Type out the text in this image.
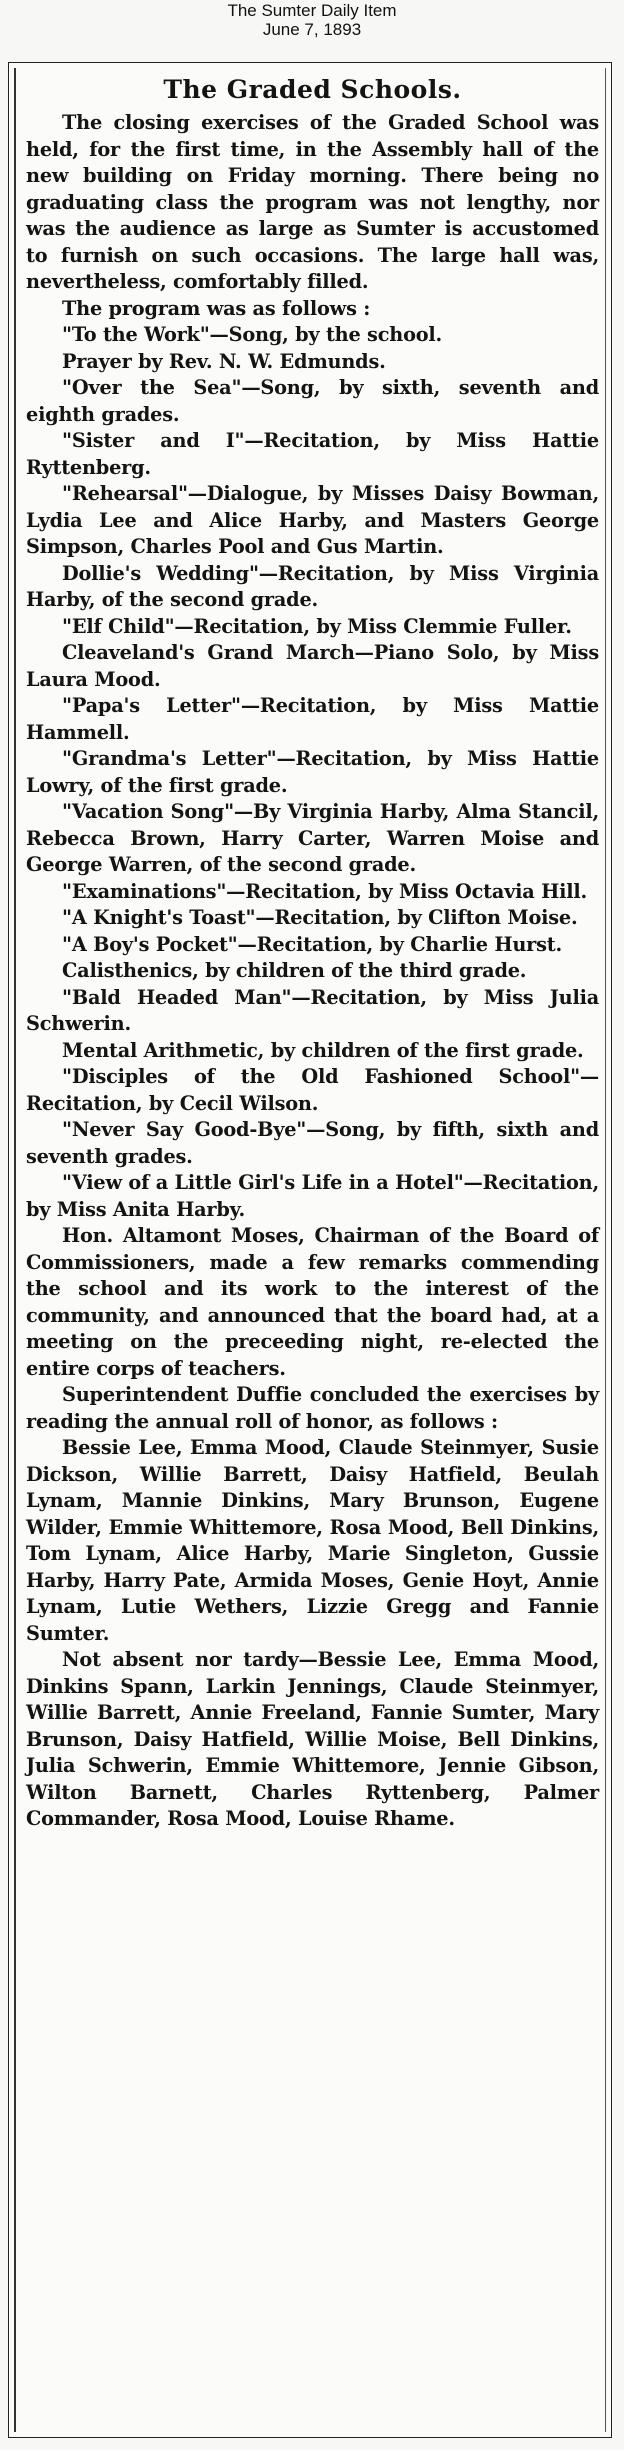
The Sumter Daily Item
June 7, 1893
The Graded Schools.

The closing exercises of the Graded School was held, for the first time, in the Assembly hall of the new building on Friday morning. There being no graduating class the program was not lengthy, nor was the audience as large as Sumter is accustomed to furnish on such occasions. The large hall was, nevertheless, comfortably filled.

The program was as follows :

"To the Work"—Song, by the school.

Prayer by Rev. N. W. Edmunds.

"Over the Sea"—Song, by sixth, seventh and eighth grades.

"Sister and I"—Recitation, by Miss Hattie Ryttenberg.

"Rehearsal"—Dialogue, by Misses Daisy Bowman, Lydia Lee and Alice Harby, and Masters George Simpson, Charles Pool and Gus Martin.

Dollie's Wedding"—Recitation, by Miss Virginia Harby, of the second grade.

"Elf Child"—Recitation, by Miss Clemmie Fuller.

Cleaveland's Grand March—Piano Solo, by Miss Laura Mood.

"Papa's Letter"—Recitation, by Miss Mattie Hammell.

"Grandma's Letter"—Recitation, by Miss Hattie Lowry, of the first grade.

"Vacation Song"—By Virginia Harby, Alma Stancil, Rebecca Brown, Harry Carter, Warren Moise and George Warren, of the second grade.

"Examinations"—Recitation, by Miss Octavia Hill.

"A Knight's Toast"—Recitation, by Clifton Moise.

"A Boy's Pocket"—Recitation, by Charlie Hurst.

Calisthenics, by children of the third grade.

"Bald Headed Man"—Recitation, by Miss Julia Schwerin.

Mental Arithmetic, by children of the first grade.

"Disciples of the Old Fashioned School"—Recitation, by Cecil Wilson.

"Never Say Good-Bye"—Song, by fifth, sixth and seventh grades.

"View of a Little Girl's Life in a Hotel"—Recitation, by Miss Anita Harby.

Hon. Altamont Moses, Chairman of the Board of Commissioners, made a few remarks commending the school and its work to the interest of the community, and announced that the board had, at a meeting on the preceeding night, re-elected the entire corps of teachers.

Superintendent Duffie concluded the exercises by reading the annual roll of honor, as follows :

Bessie Lee, Emma Mood, Claude Steinmyer, Susie Dickson, Willie Barrett, Daisy Hatfield, Beulah Lynam, Mannie Dinkins, Mary Brunson, Eugene Wilder, Emmie Whittemore, Rosa Mood, Bell Dinkins, Tom Lynam, Alice Harby, Marie Singleton, Gussie Harby, Harry Pate, Armida Moses, Genie Hoyt, Annie Lynam, Lutie Wethers, Lizzie Gregg and Fannie Sumter.

Not absent nor tardy—Bessie Lee, Emma Mood, Dinkins Spann, Larkin Jennings, Claude Steinmyer, Willie Barrett, Annie Freeland, Fannie Sumter, Mary Brunson, Daisy Hatfield, Willie Moise, Bell Dinkins, Julia Schwerin, Emmie Whittemore, Jennie Gibson, Wilton Barnett, Charles Ryttenberg, Palmer Commander, Rosa Mood, Louise Rhame.
